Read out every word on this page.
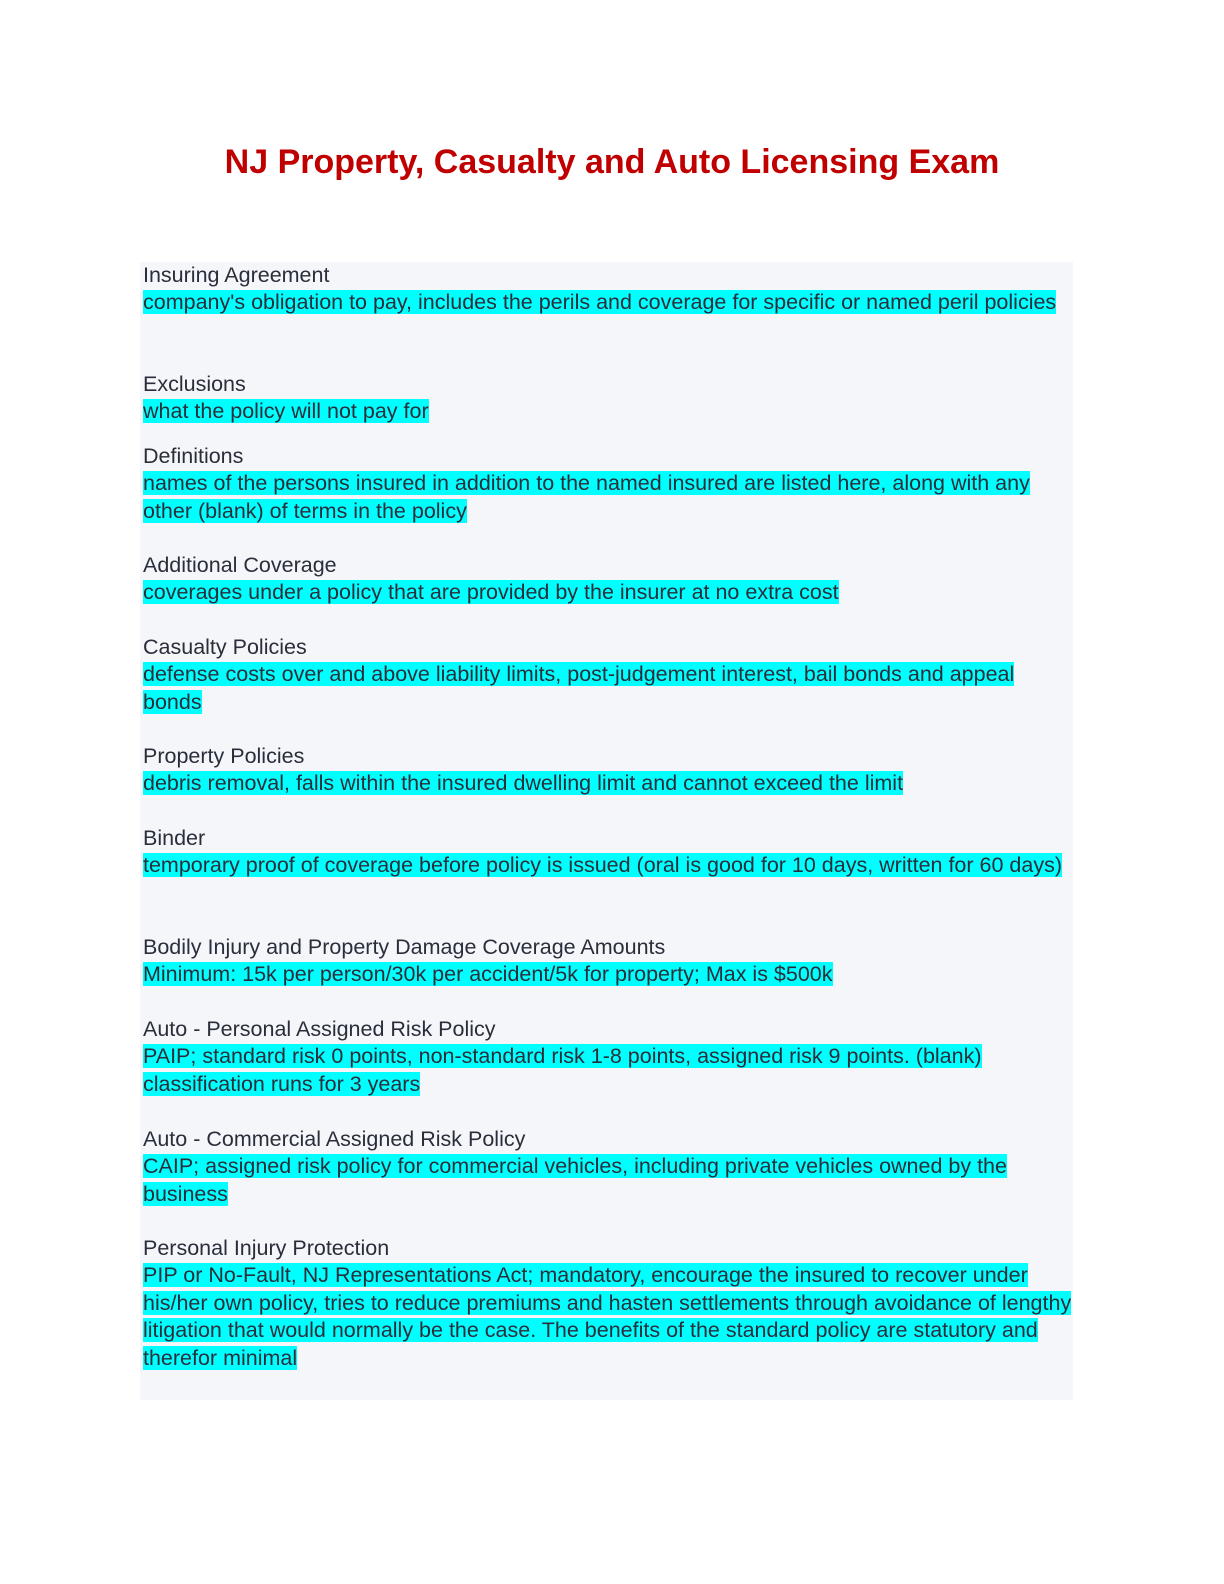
NJ Property, Casualty and Auto Licensing Exam
Insuring Agreement
company's obligation to pay, includes the perils and coverage for specific or named peril policies
Exclusions
what the policy will not pay for
Definitions
names of the persons insured in addition to the named insured are listed here, along with any other (blank) of terms in the policy
Additional Coverage
coverages under a policy that are provided by the insurer at no extra cost
Casualty Policies
defense costs over and above liability limits, post-judgement interest, bail bonds and appeal bonds
Property Policies
debris removal, falls within the insured dwelling limit and cannot exceed the limit
Binder
temporary proof of coverage before policy is issued (oral is good for 10 days, written for 60 days)
Bodily Injury and Property Damage Coverage Amounts
Minimum: 15k per person/30k per accident/5k for property; Max is $500k
Auto - Personal Assigned Risk Policy
PAIP; standard risk 0 points, non-standard risk 1-8 points, assigned risk 9 points. (blank) classification runs for 3 years
Auto - Commercial Assigned Risk Policy
CAIP; assigned risk policy for commercial vehicles, including private vehicles owned by the business
Personal Injury Protection
PIP or No-Fault, NJ Representations Act; mandatory, encourage the insured to recover under his/her own policy, tries to reduce premiums and hasten settlements through avoidance of lengthy litigation that would normally be the case. The benefits of the standard policy are statutory and therefor minimal
